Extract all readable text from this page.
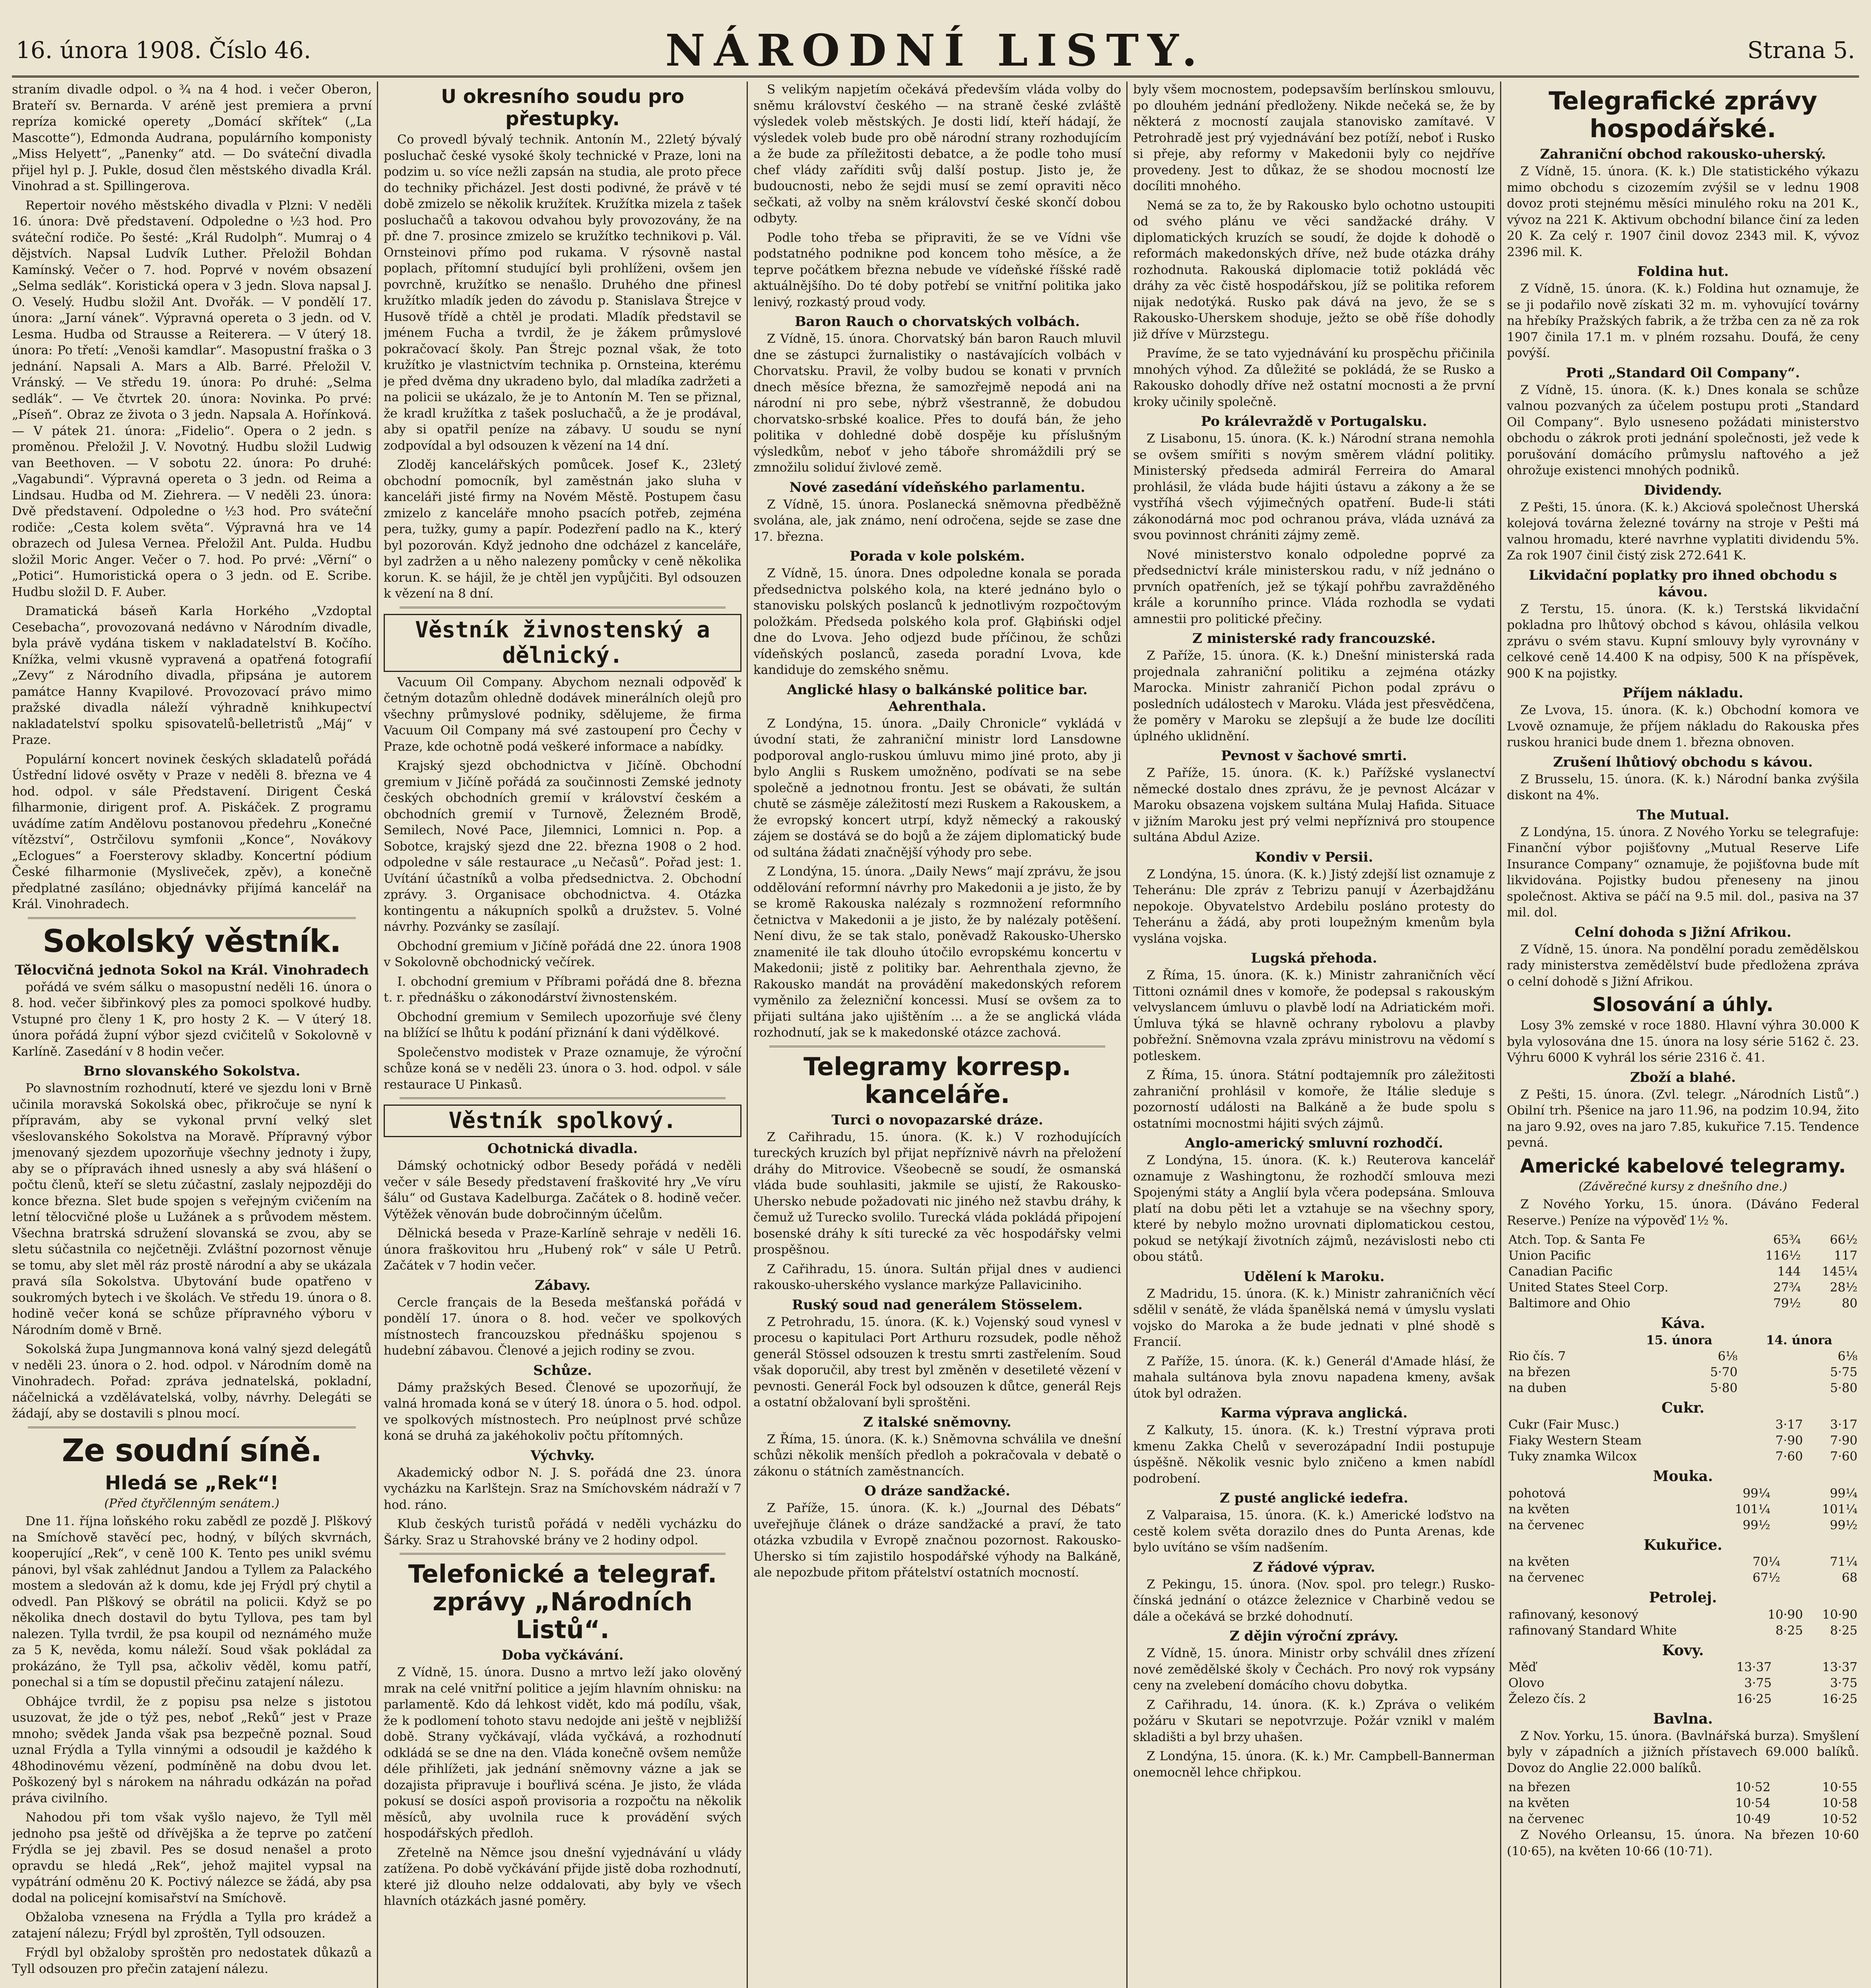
16. února 1908. Číslo 46.	NÁRODNÍ LISTY.	Strana 5.

straním divadle odpol. o ¾ na 4 hod. i večer Oberon, Brateří sv. Bernarda. V aréně jest premiera a první repríza komické operety „Domácí skřítek“ („La Mascotte“), Edmonda Audrana, populárního komponisty „Miss Helyett“, „Panenky“ atd. — Do sváteční divadla přijel hyl p. J. Pukle, dosud člen městského divadla Král. Vinohrad a st. Spillingerova.

Repertoir nového městského divadla v Plzni: V neděli 16. února: Dvě představení. Odpoledne o ½3 hod. Pro sváteční rodiče. Po šesté: „Král Rudolph“. Mumraj o 4 dějstvích. Napsal Ludvík Luther. Přeložil Bohdan Kamínský. Večer o 7. hod. Poprvé v novém obsazení „Selma sedlák“. Koristická opera v 3 jedn. Slova napsal J. O. Veselý. Hudbu složil Ant. Dvořák. — V pondělí 17. února: „Jarní vánek“. Výpravná opereta o 3 jedn. od V. Lesma. Hudba od Strausse a Reiterera. — V úterý 18. února: Po třetí: „Venoši kamdlar“. Masopustní fraška o 3 jednání. Napsali A. Mars a Alb. Barré. Přeložil V. Vránský. — Ve středu 19. února: Po druhé: „Selma sedlák“. — Ve čtvrtek 20. února: Novinka. Po prvé: „Píseň“. Obraz ze života o 3 jedn. Napsala A. Hořínková. — V pátek 21. února: „Fidelio“. Opera o 2 jedn. s proměnou. Přeložil J. V. Novotný. Hudbu složil Ludwig van Beethoven. — V sobotu 22. února: Po druhé: „Vagabundi“. Výpravná opereta o 3 jedn. od Reima a Lindsau. Hudba od M. Ziehrera. — V neděli 23. února: Dvě představení. Odpoledne o ½3 hod. Pro sváteční rodiče: „Cesta kolem světa“. Výpravná hra ve 14 obrazech od Julesa Vernea. Přeložil Ant. Pulda. Hudbu složil Moric Anger. Večer o 7. hod. Po prvé: „Věrní“ o „Potici“. Humoristická opera o 3 jedn. od E. Scribe. Hudbu složil D. F. Auber.

Dramatická báseň Karla Horkého „Vzdoptal Cesebacha“, provozovaná nedávno v Národním divadle, byla právě vydána tiskem v nakladatelství B. Kočího. Knížka, velmi vkusně vypravená a opatřená fotografií „Zevy“ z Národního divadla, připsána je autorem památce Hanny Kvapilové. Provozovací právo mimo pražské divadla náleží výhradně knihkupectví nakladatelství spolku spisovatelů-belletristů „Máj“ v Praze.

Populární koncert novinek českých skladatelů pořádá Ústřední lidové osvěty v Praze v neděli 8. března ve 4 hod. odpol. v sále Představení. Dirigent Česká filharmonie, dirigent prof. A. Piskáček. Z programu uvádíme zatím Andělovu postanovou předehru „Konečné vítězství“, Ostrčilovu symfonii „Konce“, Novákovy „Eclogues“ a Foersterovy skladby. Koncertní pódium České filharmonie (Mysliveček, zpěv), a konečně předplatné zasíláno; objednávky přijímá kancelář na Král. Vinohradech.

Sokolský věstník.
Tělocvičná jednota Sokol na Král. Vinohradech

pořádá ve svém sálku o masopustní neděli 16. února o 8. hod. večer šibřinkový ples za pomoci spolkové hudby. Vstupné pro členy 1 K, pro hosty 2 K. — V úterý 18. února pořádá župní výbor sjezd cvičitelů v Sokolovně v Karlíně. Zasedání v 8 hodin večer.

Brno slovanského Sokolstva.

Po slavnostním rozhodnutí, které ve sjezdu loni v Brně učinila moravská Sokolská obec, přikročuje se nyní k přípravám, aby se vykonal první velký slet všeslovanského Sokolstva na Moravě. Přípravný výbor jmenovaný sjezdem upozorňuje všechny jednoty i župy, aby se o přípravách ihned usnesly a aby svá hlášení o počtu členů, kteří se sletu zúčastní, zaslaly nejpozději do konce března. Slet bude spojen s veřejným cvičením na letní tělocvičné ploše u Lužánek a s průvodem městem. Všechna bratrská sdružení slovanská se zvou, aby se sletu súčastnila co nejčetněji. Zvláštní pozornost věnuje se tomu, aby slet měl ráz prostě národní a aby se ukázala pravá síla Sokolstva. Ubytování bude opatřeno v soukromých bytech i ve školách. Ve středu 19. února o 8. hodině večer koná se schůze přípravného výboru v Národním domě v Brně.

Sokolská župa Jungmannova koná valný sjezd delegátů v neděli 23. února o 2. hod. odpol. v Národním domě na Vinohradech. Pořad: zpráva jednatelská, pokladní, náčelnická a vzdělávatelská, volby, návrhy. Delegáti se žádají, aby se dostavili s plnou mocí.

Ze soudní síně.
Hledá se „Rek“!
(Před čtyřčlenným senátem.)

Dne 11. října loňského roku zabědl ze pozdě J. Plškový na Smíchově stavěcí pec, hodný, v bílých skvrnách, kooperující „Rek“, v ceně 100 K. Tento pes unikl svému pánovi, byl však zahlédnut Jandou a Tyllem za Palackého mostem a sledován až k domu, kde jej Frýdl prý chytil a odvedl. Pan Plškový se obrátil na policii. Když se po několika dnech dostavil do bytu Tyllova, pes tam byl nalezen. Tylla tvrdil, že psa koupil od neznámého muže za 5 K, nevěda, komu náleží. Soud však pokládal za prokázáno, že Tyll psa, ačkoliv věděl, komu patří, ponechal si a tím se dopustil přečinu zatajení nálezu.

Obhájce tvrdil, že z popisu psa nelze s jistotou usuzovat, že jde o týž pes, neboť „Reků“ jest v Praze mnoho; svědek Janda však psa bezpečně poznal. Soud uznal Frýdla a Tylla vinnými a odsoudil je každého k 48hodinovému vězení, podmíněně na dobu dvou let. Poškozený byl s nárokem na náhradu odkázán na pořad práva civilního.

Nahodou při tom však vyšlo najevo, že Tyll měl jednoho psa ještě od dřívějška a že teprve po zatčení Frýdla se jej zbavil. Pes se dosud nenašel a proto opravdu se hledá „Rek“, jehož majitel vypsal na vypátrání odměnu 20 K. Poctivý nálezce se žádá, aby psa dodal na policejní komisařství na Smíchově.

Obžaloba vznesena na Frýdla a Tylla pro krádež a zatajení nálezu; Frýdl byl zproštěn, Tyll odsouzen.

Frýdl byl obžaloby sproštěn pro nedostatek důkazů a Tyll odsouzen pro přečin zatajení nálezu.

U okresního soudu pro přestupky.

Co provedl bývalý technik. Antonín M., 22letý bývalý posluchač české vysoké školy technické v Praze, loni na podzim u. so více nežli zapsán na studia, ale proto přece do techniky přicházel. Jest dosti podivné, že právě v té době zmizelo se několik kružítek. Kružítka mizela z tašek posluchačů a takovou odvahou byly provozovány, že na př. dne 7. prosince zmizelo se kružítko technikovi p. Vál. Ornsteinovi přímo pod rukama. V rýsovně nastal poplach, přítomní studující byli prohlíženi, ovšem jen povrchně, kružítko se nenašlo. Druhého dne přinesl kružítko mladík jeden do závodu p. Stanislava Štrejce v Husově třídě a chtěl je prodati. Mladík představil se jménem Fucha a tvrdil, že je žákem průmyslové pokračovací školy. Pan Štrejc poznal však, že toto kružítko je vlastnictvím technika p. Ornsteina, kterému je před dvěma dny ukradeno bylo, dal mladíka zadržeti a na policii se ukázalo, že je to Antonín M. Ten se přiznal, že kradl kružítka z tašek posluchačů, a že je prodával, aby si opatřil peníze na zábavy. U soudu se nyní zodpovídal a byl odsouzen k vězení na 14 dní.

Zloděj kancelářských pomůcek. Josef K., 23letý obchodní pomocník, byl zaměstnán jako sluha v kanceláři jisté firmy na Novém Městě. Postupem času zmizelo z kanceláře mnoho psacích potřeb, zejména pera, tužky, gumy a papír. Podezření padlo na K., který byl pozorován. Když jednoho dne odcházel z kanceláře, byl zadržen a u něho nalezeny pomůcky v ceně několika korun. K. se hájil, že je chtěl jen vypůjčiti. Byl odsouzen k vězení na 8 dní.

Věstník živnostenský a dělnický.

Vacuum Oil Company. Abychom neznali odpověď k četným dotazům ohledně dodávek minerálních olejů pro všechny průmyslové podniky, sdělujeme, že firma Vacuum Oil Company má své zastoupení pro Čechy v Praze, kde ochotně podá veškeré informace a nabídky.

Krajský sjezd obchodnictva v Jičíně. Obchodní gremium v Jičíně pořádá za součinnosti Zemské jednoty českých obchodních gremií v království českém a obchodních gremií v Turnově, Železném Brodě, Semilech, Nové Pace, Jilemnici, Lomnici n. Pop. a Sobotce, krajský sjezd dne 22. března 1908 o 2 hod. odpoledne v sále restaurace „u Nečasů“. Pořad jest: 1. Uvítání účastníků a volba předsednictva. 2. Obchodní zprávy. 3. Organisace obchodnictva. 4. Otázka kontingentu a nákupních spolků a družstev. 5. Volné návrhy. Pozvánky se zasílají.

Obchodní gremium v Jičíně pořádá dne 22. února 1908 v Sokolovně obchodnický večírek.

I. obchodní gremium v Příbrami pořádá dne 8. března t. r. přednášku o zákonodárství živnostenském.

Obchodní gremium v Semilech upozorňuje své členy na blížící se lhůtu k podání přiznání k dani výdělkové.

Společenstvo modistek v Praze oznamuje, že výroční schůze koná se v neděli 23. února o 3. hod. odpol. v sále restaurace U Pinkasů.

Věstník spolkový.
Ochotnická divadla.

Dámský ochotnický odbor Besedy pořádá v neděli večer v sále Besedy představení fraškovité hry „Ve víru šálu“ od Gustava Kadelburga. Začátek o 8. hodině večer. Výtěžek věnován bude dobročinným účelům.

Dělnická beseda v Praze-Karlíně sehraje v neděli 16. února fraškovitou hru „Hubený rok“ v sále U Petrů. Začátek v 7 hodin večer.

Zábavy.

Cercle français de la Beseda mešťanská pořádá v pondělí 17. února o 8. hod. večer ve spolkových místnostech francouzskou přednášku spojenou s hudební zábavou. Členové a jejich rodiny se zvou.

Schůze.

Dámy pražských Besed. Členové se upozorňují, že valná hromada koná se v úterý 18. února o 5. hod. odpol. ve spolkových místnostech. Pro neúplnost prvé schůze koná se druhá za jakéhokoliv počtu přítomných.

Výchvky.

Akademický odbor N. J. S. pořádá dne 23. února vycházku na Karlštejn. Sraz na Smíchovském nádraží v 7 hod. ráno.

Klub českých turistů pořádá v neděli vycházku do Šárky. Sraz u Strahovské brány ve 2 hodiny odpol.

Telefonické a telegraf. zprávy „Národních Listů“.
Doba vyčkávání.

Z Vídně, 15. února. Dusno a mrtvo leží jako olověný mrak na celé vnitřní politice a jejím hlavním ohnisku: na parlamentě. Kdo dá lehkost vidět, kdo má podílu, však, že k podlomení tohoto stavu nedojde ani ještě v nejbližší době. Strany vyčkávají, vláda vyčkává, a rozhodnutí odkládá se se dne na den. Vláda konečně ovšem nemůže déle přihlížeti, jak jednání sněmovny vázne a jak se dozajista připravuje i bouřlivá scéna. Je jisto, že vláda pokusí se dosíci aspoň provisoria a rozpočtu na několik měsíců, aby uvolnila ruce k provádění svých hospodářských předloh.

Zřetelně na Němce jsou dnešní vyjednávání u vlády zatížena. Po době vyčkávání přijde jistě doba rozhodnutí, které již dlouho nelze oddalovati, aby byly ve všech hlavních otázkách jasné poměry.

S velikým napjetím očekává především vláda volby do sněmu království českého — na straně české zvláště výsledek voleb městských. Je dosti lidí, kteří hádají, že výsledek voleb bude pro obě národní strany rozhodujícím a že bude za příležitosti debatce, a že podle toho musí chef vlády zaříditi svůj další postup. Jisto je, že budoucnosti, nebo že sejdi musí se zemí opraviti něco sečkati, až volby na sněm království české skončí dobou odbyty.

Podle toho třeba se připraviti, že se ve Vídni vše podstatného podnikne pod koncem toho měsíce, a že teprve počátkem března nebude ve vídeňské říšské radě aktuálnějšího. Do té doby potřebí se vnitřní politika jako lenivý, rozkastý proud vody.

Baron Rauch o chorvatských volbách.

Z Vídně, 15. února. Chorvatský bán baron Rauch mluvil dne se zástupci žurnalistiky o nastávajících volbách v Chorvatsku. Pravil, že volby budou se konati v prvních dnech měsíce března, že samozřejmě nepodá ani na národní ni pro sebe, nýbrž všestranně, že dobudou chorvatsko-srbské koalice. Přes to doufá bán, že jeho politika v dohledné době dospěje ku příslušným výsledkům, neboť v jeho táboře shromáždili prý se zmnožilu soliduí živlové země.

Nové zasedání vídeňského parlamentu.

Z Vídně, 15. února. Poslanecká sněmovna předběžně svolána, ale, jak známo, není odročena, sejde se zase dne 17. března.

Porada v kole polském.

Z Vídně, 15. února. Dnes odpoledne konala se porada předsednictva polského kola, na které jednáno bylo o stanovisku polských poslanců k jednotlivým rozpočtovým položkám. Předseda polského kola prof. Głąbiński odjel dne do Lvova. Jeho odjezd bude příčinou, že schůzi vídeňských poslanců, zaseda poradní Lvova, kde kandiduje do zemského sněmu.

Anglické hlasy o balkánské politice bar. Aehrenthala.

Z Londýna, 15. února. „Daily Chronicle“ vykládá v úvodní stati, že zahraniční ministr lord Lansdowne podporoval anglo-ruskou úmluvu mimo jiné proto, aby ji bylo Anglii s Ruskem umožněno, podívati se na sebe společně a jednotnou frontu. Jest se obávati, že sultán chutě se zásměje záležitostí mezi Ruskem a Rakouskem, a že evropský koncert utrpí, když německý a rakouský zájem se dostává se do bojů a že zájem diplomatický bude od sultána žádati značnější výhody pro sebe.

Z Londýna, 15. února. „Daily News“ mají zprávu, že jsou oddělování reformní návrhy pro Makedonii a je jisto, že by se kromě Rakouska nalézaly s rozmnožení reformního četnictva v Makedonii a je jisto, že by nalézaly potěšení. Není divu, že se tak stalo, poněvadž Rakousko-Uhersko znamenité ile tak dlouho útočilo evropskému koncertu v Makedonii; jistě z politiky bar. Aehrenthala zjevno, že Rakousko mandát na provádění makedonských reforem vyměnilo za železniční koncessi. Musí se ovšem za to přijati sultána jako ujištěním ... a že se anglická vláda rozhodnutí, jak se k makedonské otázce zachová.

Telegramy korresp. kanceláře.
Turci o novopazarské dráze.

Z Cařihradu, 15. února. (K. k.) V rozhodujících tureckých kruzích byl přijat nepříznivě návrh na přeložení dráhy do Mitrovice. Všeobecně se soudí, že osmanská vláda bude souhlasiti, jakmile se ujistí, že Rakousko-Uhersko nebude požadovati nic jiného než stavbu dráhy, k čemuž už Turecko svolilo. Turecká vláda pokládá připojení bosenské dráhy k síti turecké za věc hospodářsky velmi prospěšnou.

Z Cařihradu, 15. února. Sultán přijal dnes v audienci rakousko-uherského vyslance markýze Pallaviciniho.

Ruský soud nad generálem Stösselem.

Z Petrohradu, 15. února. (K. k.) Vojenský soud vynesl v procesu o kapitulaci Port Arthuru rozsudek, podle něhož generál Stössel odsouzen k trestu smrti zastřelením. Soud však doporučil, aby trest byl změněn v desetileté vězení v pevnosti. Generál Fock byl odsouzen k důtce, generál Rejs a ostatní obžalovaní byli sproštěni.

Z italské sněmovny.

Z Říma, 15. února. (K. k.) Sněmovna schválila ve dnešní schůzi několik menších předloh a pokračovala v debatě o zákonu o státních zaměstnancích.

O dráze sandžacké.

Z Paříže, 15. února. (K. k.) „Journal des Débats“ uveřejňuje článek o dráze sandžacké a praví, že tato otázka vzbudila v Evropě značnou pozornost. Rakousko-Uhersko si tím zajistilo hospodářské výhody na Balkáně, ale nepozbude přitom přátelství ostatních mocností.

byly všem mocnostem, podepsavším berlínskou smlouvu, po dlouhém jednání předloženy. Nikde nečeká se, že by některá z mocností zaujala stanovisko zamítavé. V Petrohradě jest prý vyjednávání bez potíží, neboť i Rusko si přeje, aby reformy v Makedonii byly co nejdříve provedeny. Jest to důkaz, že se shodou mocností lze docíliti mnohého.

Nemá se za to, že by Rakousko bylo ochotno ustoupiti od svého plánu ve věci sandžacké dráhy. V diplomatických kruzích se soudí, že dojde k dohodě o reformách makedonských dříve, než bude otázka dráhy rozhodnuta. Rakouská diplomacie totiž pokládá věc dráhy za věc čistě hospodářskou, jíž se politika reforem nijak nedotýká. Rusko pak dává na jevo, že se s Rakousko-Uherskem shoduje, ježto se obě říše dohodly již dříve v Mürzstegu.

Pravíme, že se tato vyjednávání ku prospěchu přičinila mnohých výhod. Za důležité se pokládá, že se Rusko a Rakousko dohodly dříve než ostatní mocnosti a že první kroky učinily společně.

Po králevraždě v Portugalsku.

Z Lisabonu, 15. února. (K. k.) Národní strana nemohla se ovšem smířiti s novým směrem vládní politiky. Ministerský předseda admirál Ferreira do Amaral prohlásil, že vláda bude hájiti ústavu a zákony a že se vystříhá všech výjimečných opatření. Bude-li státi zákonodárná moc pod ochranou práva, vláda uznává za svou povinnost chrániti zájmy země.

Nové ministerstvo konalo odpoledne poprvé za předsednictví krále ministerskou radu, v níž jednáno o prvních opatřeních, jež se týkají pohřbu zavražděného krále a korunního prince. Vláda rozhodla se vydati amnestii pro politické přečiny.

Z ministerské rady francouzské.

Z Paříže, 15. února. (K. k.) Dnešní ministerská rada projednala zahraniční politiku a zejména otázky Marocka. Ministr zahraničí Pichon podal zprávu o posledních událostech v Maroku. Vláda jest přesvědčena, že poměry v Maroku se zlepšují a že bude lze docíliti úplného uklidnění.

Pevnost v šachové smrti.

Z Paříže, 15. února. (K. k.) Pařížské vyslanectví německé dostalo dnes zprávu, že je pevnost Alcázar v Maroku obsazena vojskem sultána Mulaj Hafida. Situace v jižním Maroku jest prý velmi nepříznivá pro stoupence sultána Abdul Azize.

Kondiv v Persii.

Z Londýna, 15. února. (K. k.) Jistý zdejší list oznamuje z Teheránu: Dle zpráv z Tebrizu panují v Ázerbajdžánu nepokoje. Obyvatelstvo Ardebilu posláno protesty do Teheránu a žádá, aby proti loupežným kmenům byla vyslána vojska.

Lugská přehoda.

Z Říma, 15. února. (K. k.) Ministr zahraničních věcí Tittoni oznámil dnes v komoře, že podepsal s rakouským velvyslancem úmluvu o plavbě lodí na Adriatickém moři. Úmluva týká se hlavně ochrany rybolovu a plavby pobřežní. Sněmovna vzala zprávu ministrovu na vědomí s potleskem.

Z Říma, 15. února. Státní podtajemník pro záležitosti zahraniční prohlásil v komoře, že Itálie sleduje s pozorností události na Balkáně a že bude spolu s ostatními mocnostmi hájiti svých zájmů.

Anglo-americký smluvní rozhodčí.

Z Londýna, 15. února. (K. k.) Reuterova kancelář oznamuje z Washingtonu, že rozhodčí smlouva mezi Spojenými státy a Anglií byla včera podepsána. Smlouva platí na dobu pěti let a vztahuje se na všechny spory, které by nebylo možno urovnati diplomatickou cestou, pokud se netýkají životních zájmů, nezávislosti nebo cti obou států.

Udělení k Maroku.

Z Madridu, 15. února. (K. k.) Ministr zahraničních věcí sdělil v senátě, že vláda španělská nemá v úmyslu vyslati vojsko do Maroka a že bude jednati v plné shodě s Francií.

Z Paříže, 15. února. (K. k.) Generál d'Amade hlásí, že mahala sultánova byla znovu napadena kmeny, avšak útok byl odražen.

Karma výprava anglická.

Z Kalkuty, 15. února. (K. k.) Trestní výprava proti kmenu Zakka Chelů v severozápadní Indii postupuje úspěšně. Několik vesnic bylo zničeno a kmen nabídl podrobení.

Z pusté anglické iedefra.

Z Valparaisa, 15. února. (K. k.) Americké loďstvo na cestě kolem světa dorazilo dnes do Punta Arenas, kde bylo uvítáno se vším nadšením.

Z řádové výprav.

Z Pekingu, 15. února. (Nov. spol. pro telegr.) Rusko-čínská jednání o otázce železnice v Charbině vedou se dále a očekává se brzké dohodnutí.

Z dějin výroční zprávy.

Z Vídně, 15. února. Ministr orby schválil dnes zřízení nové zemědělské školy v Čechách. Pro nový rok vypsány ceny na zvelebení domácího chovu dobytka.

Z Cařihradu, 14. února. (K. k.) Zpráva o velikém požáru v Skutari se nepotvrzuje. Požár vznikl v malém skladišti a byl brzy uhašen.

Z Londýna, 15. února. (K. k.) Mr. Campbell-Bannerman onemocněl lehce chřipkou.

Telegrafické zprávy hospodářské.
Zahraniční obchod rakousko-uherský.

Z Vídně, 15. února. (K. k.) Dle statistického výkazu mimo obchodu s cizozemím zvýšil se v lednu 1908 dovoz proti stejnému měsíci minulého roku na 201 K., vývoz na 221 K. Aktivum obchodní bilance činí za leden 20 K. Za celý r. 1907 činil dovoz 2343 mil. K, vývoz 2396 mil. K.

Foldina hut.

Z Vídně, 15. února. (K. k.) Foldina hut oznamuje, že se ji podařilo nově získati 32 m. m. vyhovující továrny na hřebíky Pražských fabrik, a že tržba cen za ně za rok 1907 činila 17.1 m. v plném rozsahu. Doufá, že ceny povýší.

Proti „Standard Oil Company“.

Z Vídně, 15. února. (K. k.) Dnes konala se schůze valnou pozvaných za účelem postupu proti „Standard Oil Company“. Bylo usneseno požádati ministerstvo obchodu o zákrok proti jednání společnosti, jež vede k porušování domácího průmyslu naftového a jež ohrožuje existenci mnohých podniků.

Dividendy.

Z Pešti, 15. února. (K. k.) Akciová společnost Uherská kolejová továrna železné továrny na stroje v Pešti má valnou hromadu, které navrhne vyplatiti dividendu 5%. Za rok 1907 činil čistý zisk 272.641 K.

Likvidační poplatky pro ihned obchodu s kávou.

Z Terstu, 15. února. (K. k.) Terstská likvidační pokladna pro lhůtový obchod s kávou, ohlásila velkou zprávu o svém stavu. Kupní smlouvy byly vyrovnány v celkové ceně 14.400 K na odpisy, 500 K na příspěvek, 900 K na pojistky.

Příjem nákladu.

Ze Lvova, 15. února. (K. k.) Obchodní komora ve Lvově oznamuje, že příjem nákladu do Rakouska přes ruskou hranici bude dnem 1. března obnoven.

Zrušení lhůtiový obchodu s kávou.

Z Brusselu, 15. února. (K. k.) Národní banka zvýšila diskont na 4%.

The Mutual.

Z Londýna, 15. února. Z Nového Yorku se telegrafuje: Finanční výbor pojišťovny „Mutual Reserve Life Insurance Company“ oznamuje, že pojišťovna bude mít likvidována. Pojistky budou přeneseny na jinou společnost. Aktiva se páčí na 9.5 mil. dol., pasiva na 37 mil. dol.

Celní dohoda s Jižní Afrikou.

Z Vídně, 15. února. Na pondělní poradu zemědělskou rady ministerstva zemědělství bude předložena zpráva o celní dohodě s Jižní Afrikou.

Slosování a úhly.

Losy 3% zemské v roce 1880. Hlavní výhra 30.000 K byla vylosována dne 15. února na losy série 5162 č. 23. Výhru 6000 K vyhrál los série 2316 č. 41.

Zboží a blahé.

Z Pešti, 15. února. (Zvl. telegr. „Národních Listů“.) Obilní trh. Pšenice na jaro 11.96, na podzim 10.94, žito na jaro 9.92, oves na jaro 7.85, kukuřice 7.15. Tendence pevná.

Americké kabelové telegramy.
(Závěrečné kursy z dnešního dne.)

Z Nového Yorku, 15. února. (Dáváno Federal Reserve.) Peníze na výpověď 1½ %.

Atch. Top. & Santa Fe	65¾	66½
Union Pacific	116½	117
Canadian Pacific	144	145¼
United States Steel Corp.	27¾	28½
Baltimore and Ohio	79½	80
Káva.
	15. února	14. února
Rio čís. 7	6⅛	6⅛
na březen	5·70	5·75
na duben	5·80	5·80
Cukr.
Cukr (Fair Musc.)	3·17	3·17
Fiaky Western Steam	7·90	7·90
Tuky znamka Wilcox	7·60	7·60
Mouka.
pohotová	99¼	99¼
na květen	101¼	101¼
na červenec	99½	99½
Kukuřice.
na květen	70¼	71¼
na červenec	67½	68
Petrolej.
rafinovaný, kesonový	10·90	10·90
rafinovaný Standard White	8·25	8·25
Kovy.
Měď	13·37	13·37
Olovo	3·75	3·75
Železo čís. 2	16·25	16·25
Bavlna.

Z Nov. Yorku, 15. února. (Bavlnářská burza). Smyšlení byly v západních a jižních přístavech 69.000 balíků. Dovoz do Anglie 22.000 balíků.

na březen	10·52	10·55
na květen	10·54	10·58
na červenec	10·49	10·52

Z Nového Orleansu, 15. února. Na březen 10·60 (10·65), na květen 10·66 (10·71).
